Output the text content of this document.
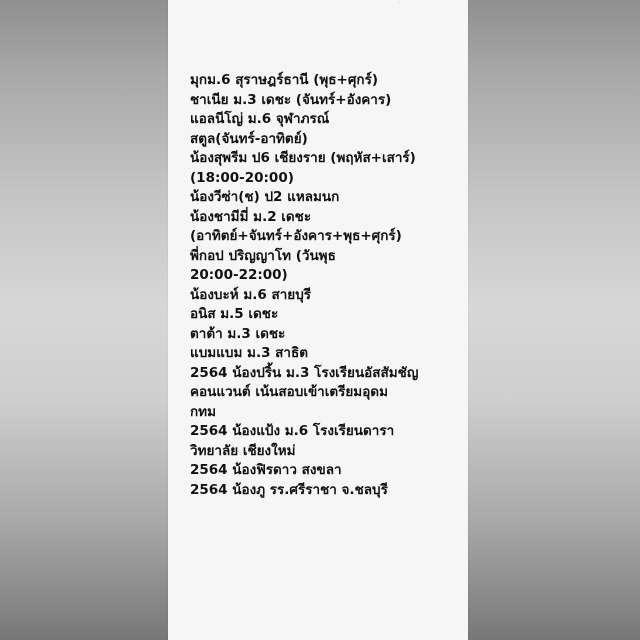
·
มุกม.6 สุราษฎร์ธานี (พุธ+ศุกร์)
ชาเนีย ม.3 เดชะ (จันทร์+อังคาร)
แอลนีโญ่ ม.6 จุฬาภรณ์
สตูล(จันทร์-อาทิตย์)
น้องสุพรีม ป6 เชียงราย (พฤหัส+เสาร์)
(18:00-20:00)
น้องวีซ่า(ช) ป2 แหลมนก
น้องชามีมี่ ม.2 เดชะ
(อาทิตย์+จันทร์+อังคาร+พุธ+ศุกร์)
พี่กอป ปริญญาโท (วันพุธ
20:00-22:00)
น้องบะห์ ม.6 สายบุรี
อนิส ม.5 เดชะ
ตาต้า ม.3 เดชะ
แบมแบม ม.3 สาธิต
2564 น้องปริ้น ม.3 โรงเรียนอัสสัมชัญ
คอนแวนต์ เน้นสอบเข้าเตรียมอุดม
กทม
2564 น้องแป้ง ม.6 โรงเรียนดารา
วิทยาลัย เชียงใหม่
2564 น้องฟิรดาว สงขลา
2564 น้องภู รร.ศรีราชา จ.ชลบุรี
